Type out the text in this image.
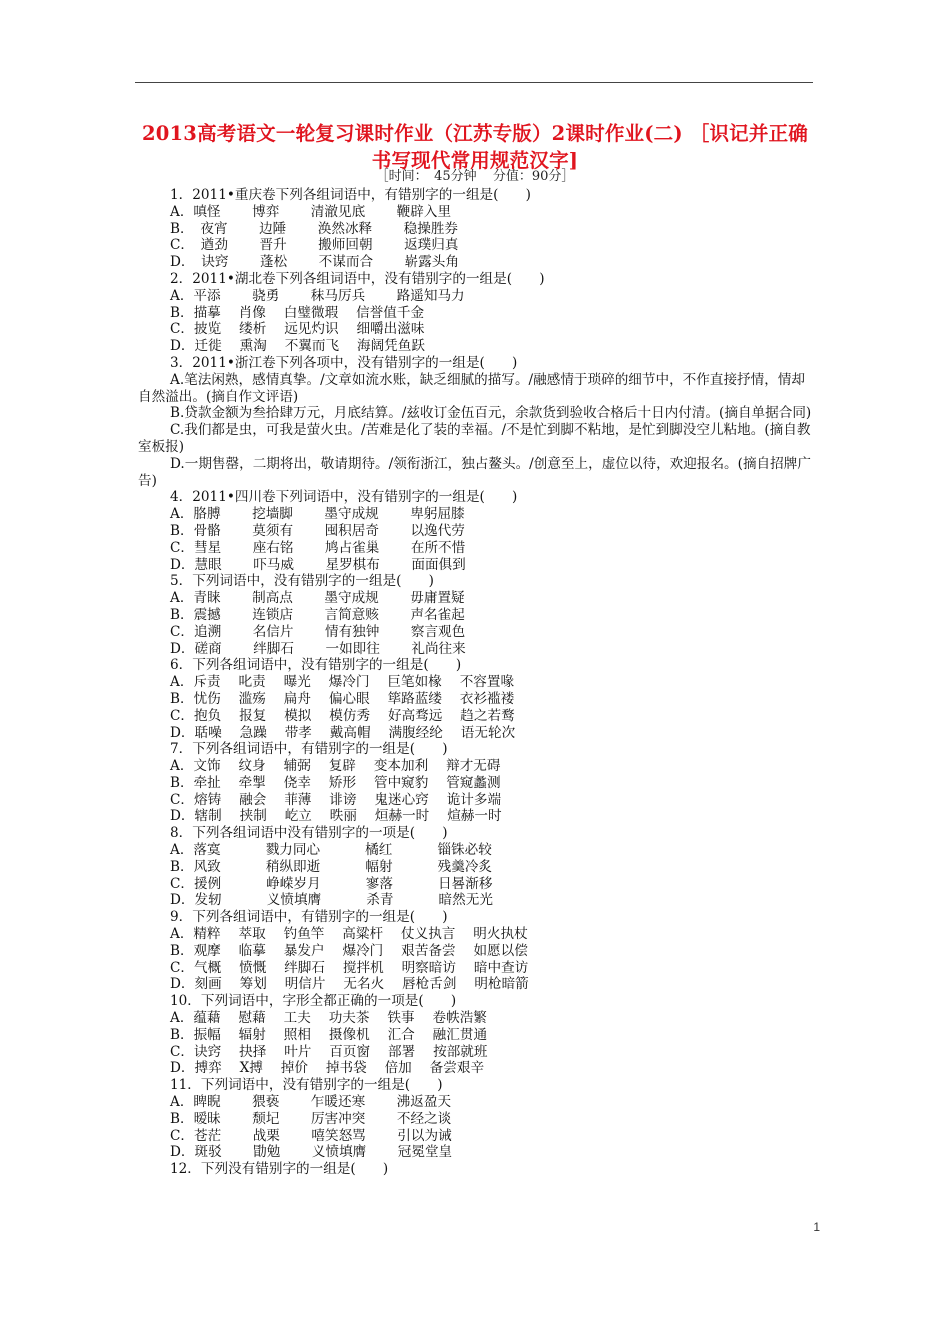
2013高考语文一轮复习课时作业（江苏专版）2课时作业(二) ［识记并正确书写现代常用规范汉字]
［时间：　45分钟 分值：90分］
1．2011•重庆卷下列各组词语中，有错别字的一组是(　　)
A．嗔怪　　 博弈　　 清澈见底　　 鞭辟入里
B．　夜宵　　 边陲　　 涣然冰释　　 稳操胜券
C．　遒劲　　 晋升　　 搬师回朝　　 返璞归真
D．　诀窍　　 蓬松　　 不谋而合　　 崭露头角
2．2011•湖北卷下列各组词语中，没有错别字的一组是(　　)
A．平添　　 骁勇　　 秣马厉兵　　 路遥知马力
B．描摹　 肖像　 白璧微瑕　 信誉值千金
C．披览　 缕析　 远见灼识　 细嚼出滋味
D．迁徙　 熏淘　 不翼而飞　 海阔凭鱼跃
3．2011•浙江卷下列各项中，没有错别字的一组是(　　)
A.笔法闲熟，感情真挚。/文章如流水账，缺乏细腻的描写。/融感情于琐碎的细节中，不作直接抒情，情却自然溢出。(摘自作文评语)
B.贷款金额为叁拾肆万元，月底结算。/兹收订金伍百元，余款货到验收合格后十日内付清。(摘自单据合同)
C.我们都是虫，可我是萤火虫。/苦难是化了装的幸福。/不是忙到脚不粘地，是忙到脚没空儿粘地。(摘自教室板报)
D.一期售罄，二期将出，敬请期待。/领衔浙江，独占鳌头。/创意至上，虚位以待，欢迎报名。(摘自招牌广告)
4．2011•四川卷下列词语中，没有错别字的一组是(　　)
A．胳膊　　 挖墙脚　　 墨守成规　　 卑躬屈膝
B．骨骼　　 莫须有　　 囤积居奇　　 以逸代劳
C．彗星　　 座右铭　　 鸠占雀巢　　 在所不惜
D．慧眼　　 吓马威　　 星罗棋布　　 面面俱到
5．下列词语中，没有错别字的一组是(　　)
A．青睐　　 制高点　　 墨守成规　　 毋庸置疑
B．震撼　　 连锁店　　 言简意赅　　 声名雀起
C．追溯　　 名信片　　 情有独钟　　 察言观色
D．磋商　　 绊脚石　　 一如即往　　 礼尚往来
6．下列各组词语中，没有错别字的一组是(　　)
A．斥责　 叱责　 曝光　 爆冷门　 巨笔如椽　 不容置喙
B．忧伤　 滥殇　 扁舟　 偏心眼　 筚路蓝缕　 衣衫褴褛
C．抱负　 报复　 模拟　 模仿秀　 好高骛远　 趋之若鹜
D．聒噪　 急躁　 带孝　 戴高帽　 满腹经纶　 语无轮次
7．下列各组词语中，有错别字的一组是(　　)
A．文饰　 纹身　 辅弼　 复辟　 变本加利　 辩才无碍
B．牵扯　 牵掣　 侥幸　 矫形　 管中窥豹　 管窥蠡测
C．熔铸　 融会　 菲薄　 诽谤　 鬼迷心窍　 诡计多端
D．辖制　 挟制　 屹立　 昳丽　 烜赫一时　 煊赫一时
8．下列各组词语中没有错别字的一项是(　　)
A．落寞　　　 戮力同心　　　 橘红　　　 锱铢必较
B．风致　　　 稍纵即逝　　　 幅射　　　 残羹冷炙
C．援例　　　 峥嵘岁月　　　 寥落　　　 日晷渐移
D．发轫　　　 义愤填膺　　　 杀青　　　 暗然无光
9．下列各组词语中，有错别字的一组是(　　)
A．精粹　 萃取　 钓鱼竿　 高粱杆　 仗义执言　 明火执杖
B．观摩　 临摹　 暴发户　 爆冷门　 艰苦备尝　 如愿以偿
C．气概　 愤慨　 绊脚石　 搅拌机　 明察暗访　 暗中查访
D．刻画　 筹划　 明信片　 无名火　 唇枪舌剑　 明枪暗箭
10．下列词语中，字形全都正确的一项是(　　)
A．蕴藉　 慰藉　 工夫　 功夫茶　 铁事　 卷帙浩繁
B．振幅　 辐射　 照相　 摄像机　 汇合　 融汇贯通
C．诀窍　 抉择　 叶片　 百页窗　 部署　 按部就班
D．搏弈　 Ⅹ搏　 掉价　 掉书袋　 倍加　 备尝艰辛
11．下列词语中，没有错别字的一组是(　　)
A．睥睨　　 猥亵　　 乍暖还寒　　 沸返盈天
B．暧昧　　 颓圮　　 厉害冲突　　 不经之谈
C．苍茫　　 战栗　　 嘻笑怒骂　　 引以为诫
D．斑驳　　 勖勉　　 义愤填膺　　 冠冕堂皇
12．下列没有错别字的一组是(　　)
1
